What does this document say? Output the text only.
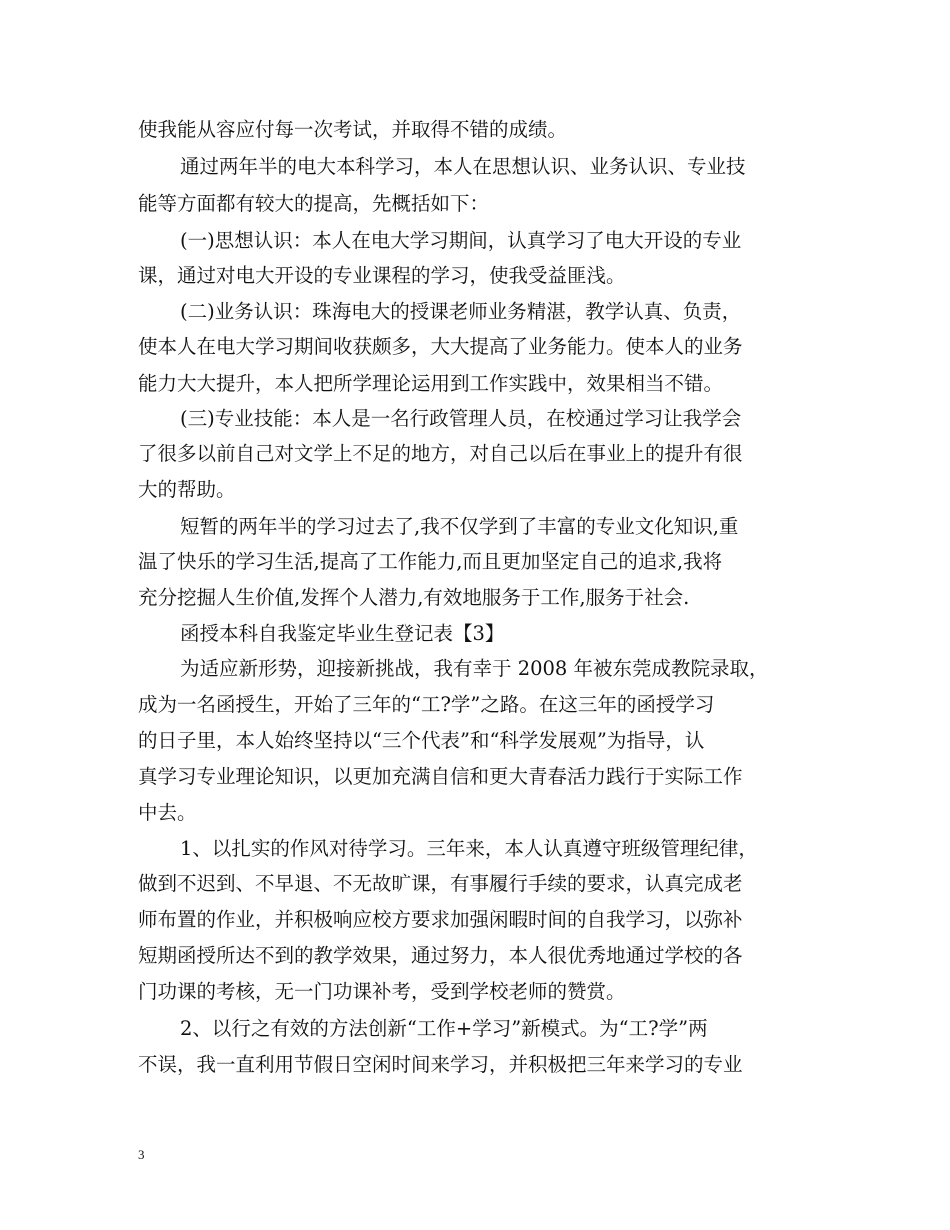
使我能从容应付每一次考试，并取得不错的成绩。
通过两年半的电大本科学习，本人在思想认识、业务认识、专业技
能等方面都有较大的提高，先概括如下：
(一)思想认识：本人在电大学习期间，认真学习了电大开设的专业
课，通过对电大开设的专业课程的学习，使我受益匪浅。
(二)业务认识：珠海电大的授课老师业务精湛，教学认真、负责，
使本人在电大学习期间收获颇多，大大提高了业务能力。使本人的业务
能力大大提升，本人把所学理论运用到工作实践中，效果相当不错。
(三)专业技能：本人是一名行政管理人员，在校通过学习让我学会
了很多以前自己对文学上不足的地方，对自己以后在事业上的提升有很
大的帮助。
短暂的两年半的学习过去了,我不仅学到了丰富的专业文化知识,重
温了快乐的学习生活,提高了工作能力,而且更加坚定自己的追求,我将
充分挖掘人生价值,发挥个人潜力,有效地服务于工作,服务于社会.
函授本科自我鉴定毕业生登记表【3】
为适应新形势，迎接新挑战，我有幸于 2008 年被东莞成教院录取，
成为一名函授生，开始了三年的“工?学”之路。在这三年的函授学习
的日子里，本人始终坚持以“三个代表”和“科学发展观”为指导，认
真学习专业理论知识，以更加充满自信和更大青春活力践行于实际工作
中去。
1、以扎实的作风对待学习。三年来，本人认真遵守班级管理纪律，
做到不迟到、不早退、不无故旷课，有事履行手续的要求，认真完成老
师布置的作业，并积极响应校方要求加强闲暇时间的自我学习，以弥补
短期函授所达不到的教学效果，通过努力，本人很优秀地通过学校的各
门功课的考核，无一门功课补考，受到学校老师的赞赏。
2、以行之有效的方法创新“工作+学习”新模式。为“工?学”两
不误，我一直利用节假日空闲时间来学习，并积极把三年来学习的专业
3
